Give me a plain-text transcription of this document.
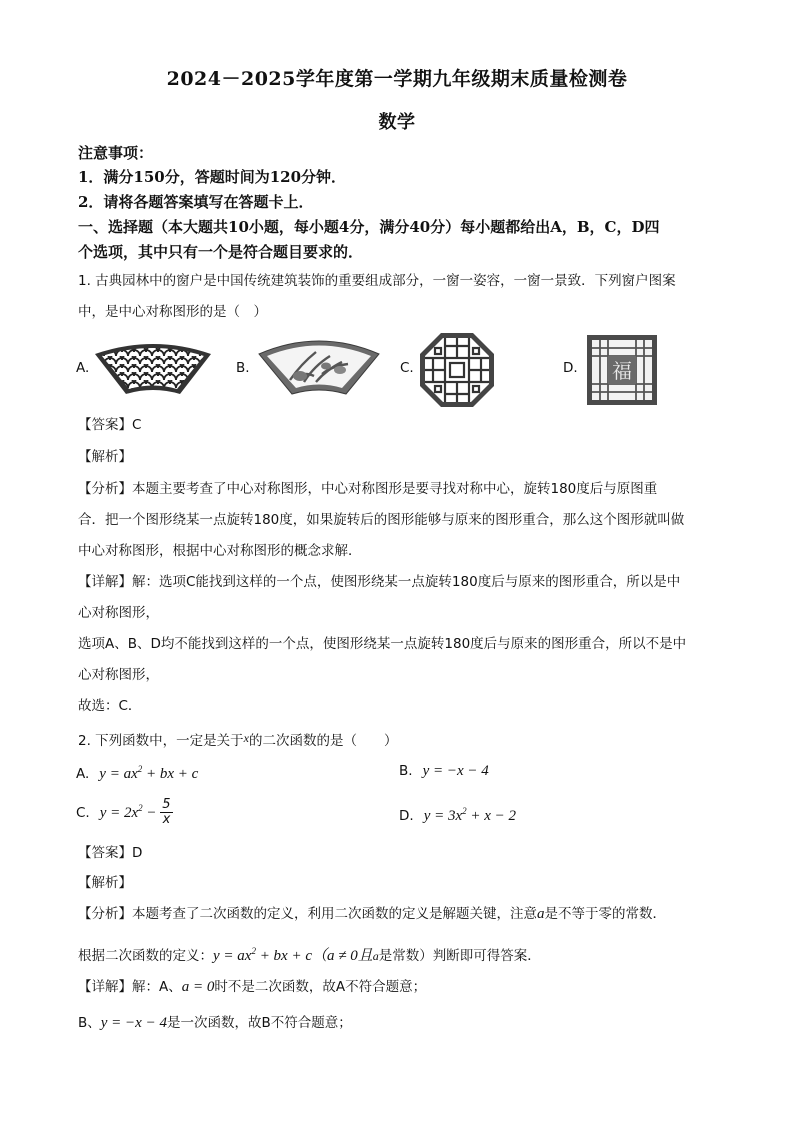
2024－2025学年度第一学期九年级期末质量检测卷
数学
注意事项：
1．满分150分，答题时间为120分钟．
2．请将各题答案填写在答题卡上．
一、选择题（本大题共10小题，每小题4分，满分40分）每小题都给出A，B，C，D四
个选项，其中只有一个是符合题目要求的．
1. 古典园林中的窗户是中国传统建筑装饰的重要组成部分，一窗一姿容，一窗一景致．下列窗户图案
中，是中心对称图形的是（　）
A.	B.	C.	D. 福
【答案】C
【解析】
【分析】本题主要考查了中心对称图形，中心对称图形是要寻找对称中心，旋转180度后与原图重
合．把一个图形绕某一点旋转180度，如果旋转后的图形能够与原来的图形重合，那么这个图形就叫做
中心对称图形，根据中心对称图形的概念求解．
【详解】解：选项C能找到这样的一个点，使图形绕某一点旋转180度后与原来的图形重合，所以是中
心对称图形，
选项A、B、D均不能找到这样的一个点，使图形绕某一点旋转180度后与原来的图形重合，所以不是中
心对称图形，
故选：C．
2. 下列函数中，一定是关于x的二次函数的是（　　）
A. $y = ax^2$ + bx + c	B. y = −x − 4
C. $y = 2x^2 - \frac{5}{x}$	D. $y = 3x^2 + x - 2$
【答案】D
【解析】
【分析】本题考查了二次函数的定义，利用二次函数的定义是解题关键，注意a是不等于零的常数．
根据二次函数的定义：$y = ax^2$ + bx + c（a ≠ 0且a是常数）判断即可得答案．
【详解】解：A、a = 0时不是二次函数，故A不符合题意；
B、y = −x − 4是一次函数，故B不符合题意；
